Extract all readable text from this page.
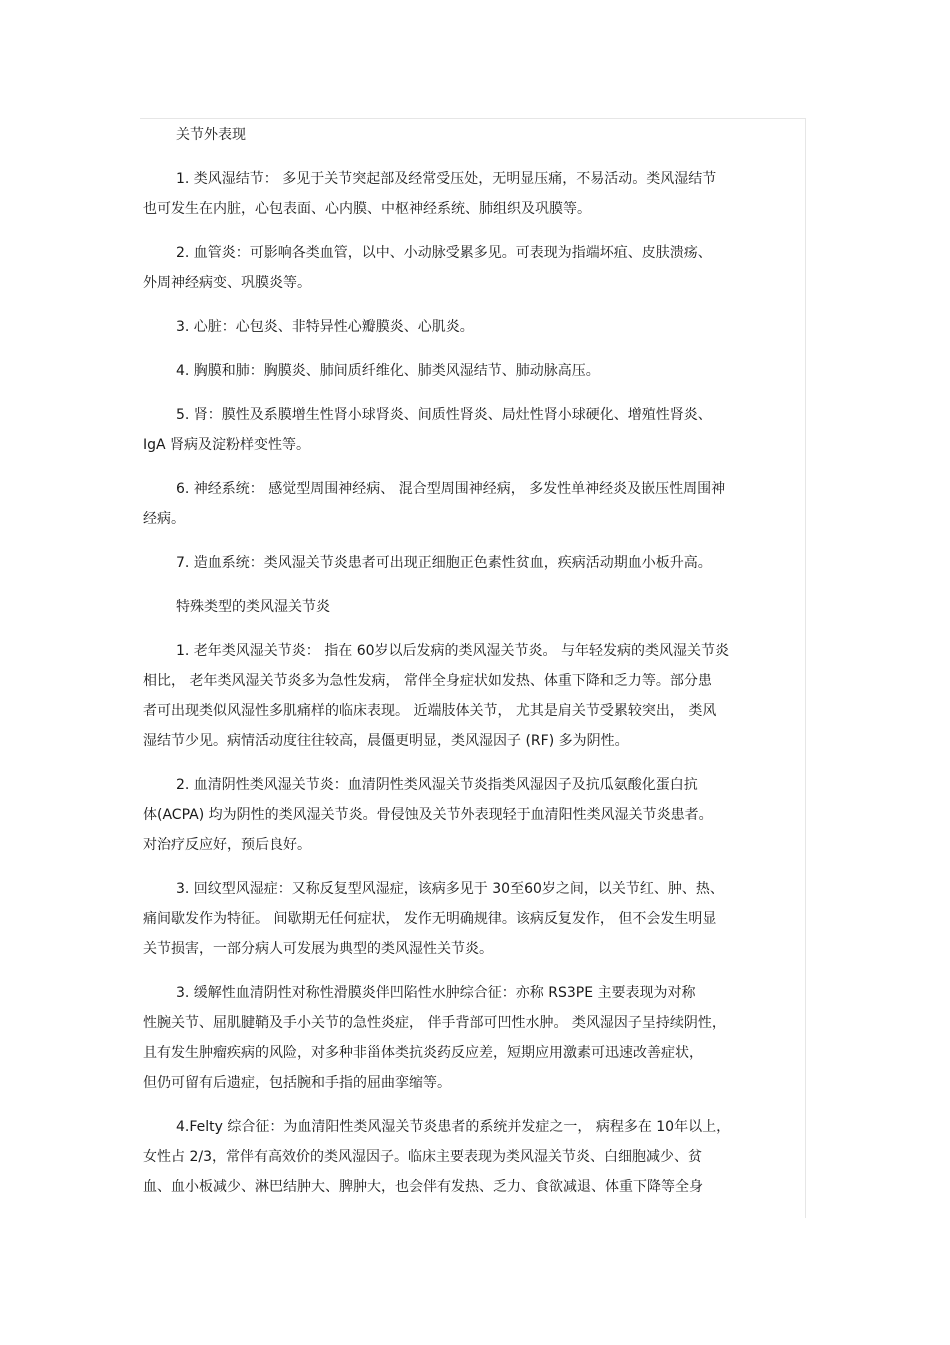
关节外表现
1. 类风湿结节： 多见于关节突起部及经常受压处，无明显压痛，不易活动。类风湿结节
也可发生在内脏，心包表面、心内膜、中枢神经系统、肺组织及巩膜等。
2. 血管炎：可影响各类血管，以中、小动脉受累多见。可表现为指端坏疽、皮肤溃疡、
外周神经病变、巩膜炎等。
3. 心脏：心包炎、非特异性心瓣膜炎、心肌炎。
4. 胸膜和肺：胸膜炎、肺间质纤维化、肺类风湿结节、肺动脉高压。
5. 肾：膜性及系膜增生性肾小球肾炎、间质性肾炎、局灶性肾小球硬化、增殖性肾炎、
IgA 肾病及淀粉样变性等。
6. 神经系统： 感觉型周围神经病、 混合型周围神经病， 多发性单神经炎及嵌压性周围神
经病。
7. 造血系统：类风湿关节炎患者可出现正细胞正色素性贫血，疾病活动期血小板升高。
特殊类型的类风湿关节炎
1. 老年类风湿关节炎： 指在 60岁以后发病的类风湿关节炎。 与年轻发病的类风湿关节炎
相比， 老年类风湿关节炎多为急性发病， 常伴全身症状如发热、体重下降和乏力等。部分患
者可出现类似风湿性多肌痛样的临床表现。 近端肢体关节， 尤其是肩关节受累较突出， 类风
湿结节少见。病情活动度往往较高，晨僵更明显，类风湿因子 (RF) 多为阴性。
2. 血清阴性类风湿关节炎：血清阴性类风湿关节炎指类风湿因子及抗瓜氨酸化蛋白抗
体(ACPA) 均为阴性的类风湿关节炎。骨侵蚀及关节外表现轻于血清阳性类风湿关节炎患者。
对治疗反应好，预后良好。
3. 回纹型风湿症：又称反复型风湿症，该病多见于 30至60岁之间，以关节红、肿、热、
痛间歇发作为特征。 间歇期无任何症状， 发作无明确规律。该病反复发作， 但不会发生明显
关节损害，一部分病人可发展为典型的类风湿性关节炎。
3. 缓解性血清阴性对称性滑膜炎伴凹陷性水肿综合征：亦称 RS3PE 主要表现为对称
性腕关节、屈肌腱鞘及手小关节的急性炎症， 伴手背部可凹性水肿。 类风湿因子呈持续阴性，
且有发生肿瘤疾病的风险，对多种非甾体类抗炎药反应差，短期应用激素可迅速改善症状，
但仍可留有后遗症，包括腕和手指的屈曲挛缩等。
4.Felty 综合征：为血清阳性类风湿关节炎患者的系统并发症之一， 病程多在 10年以上，
女性占 2/3，常伴有高效价的类风湿因子。临床主要表现为类风湿关节炎、白细胞减少、贫
血、血小板减少、淋巴结肿大、脾肿大，也会伴有发热、乏力、食欲减退、体重下降等全身
